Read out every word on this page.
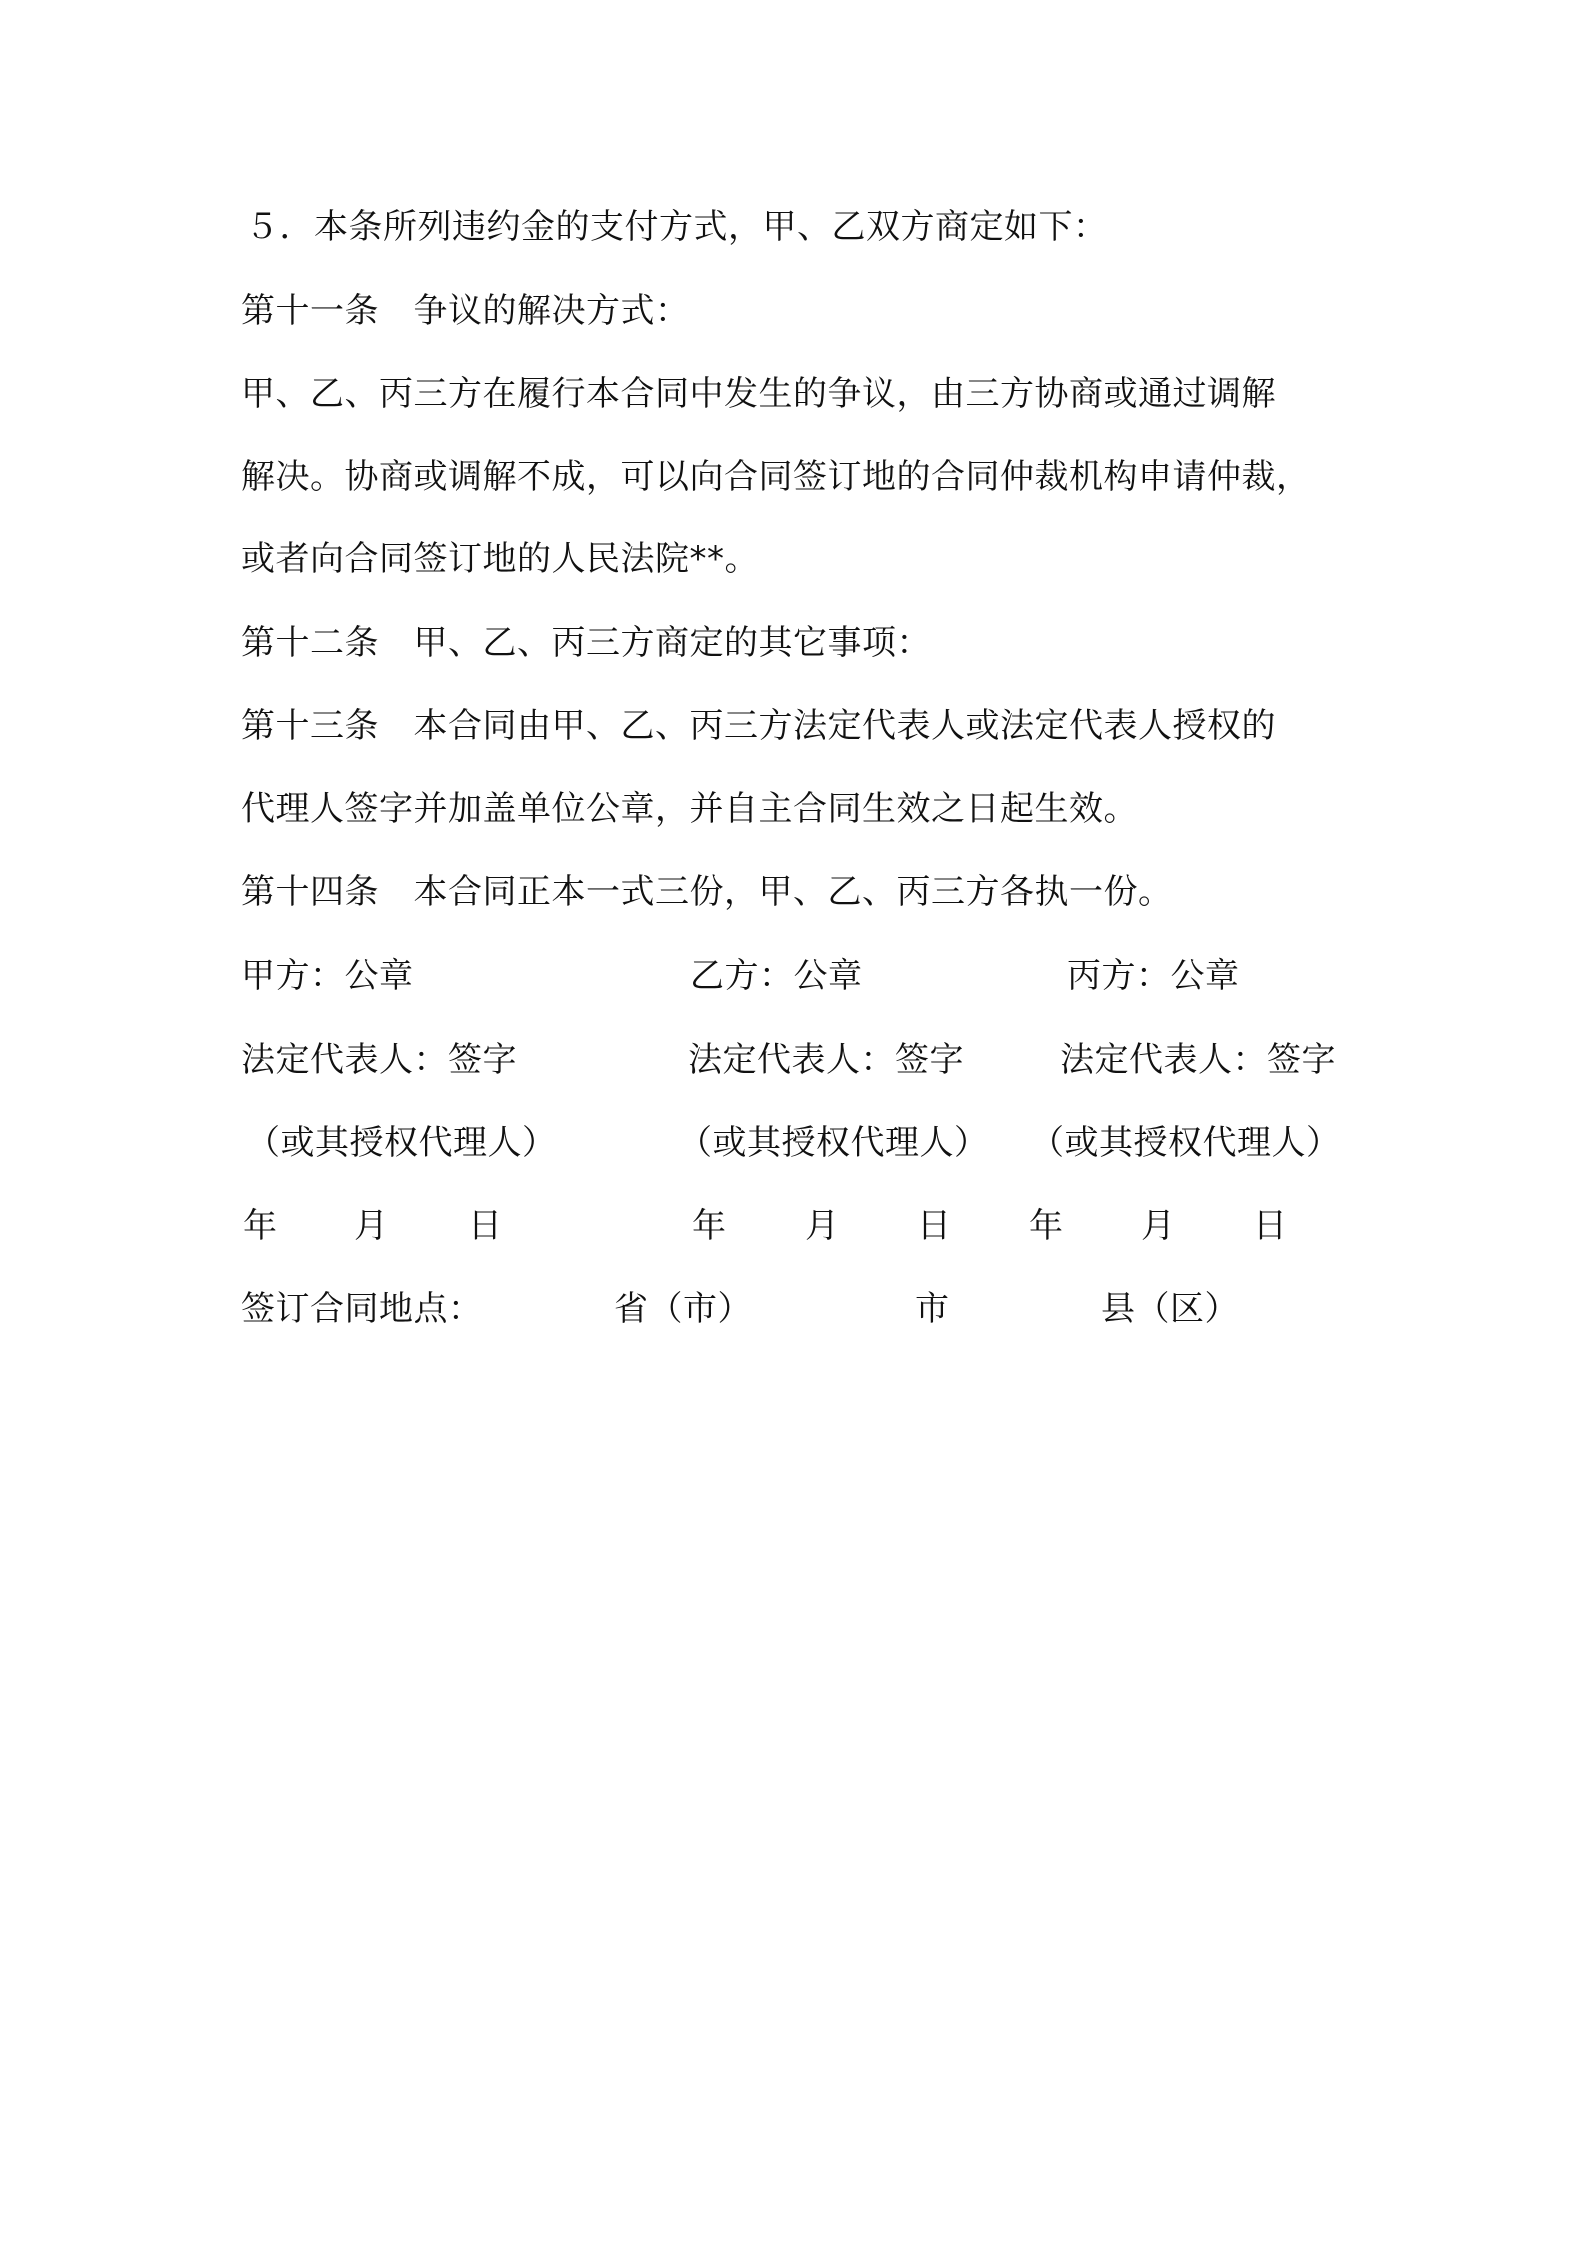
５．本条所列违约金的支付方式，甲、乙双方商定如下：
第十一条　争议的解决方式：
甲、乙、丙三方在履行本合同中发生的争议，由三方协商或通过调解
解决。协商或调解不成，可以向合同签订地的合同仲裁机构申请仲裁，
或者向合同签订地的人民法院**。
第十二条　甲、乙、丙三方商定的其它事项：
第十三条　本合同由甲、乙、丙三方法定代表人或法定代表人授权的
代理人签字并加盖单位公章，并自主合同生效之日起生效。
第十四条　本合同正本一式三份，甲、乙、丙三方各执一份。
甲方：公章	乙方：公章	丙方：公章
法定代表人：签字	法定代表人：签字	法定代表人：签字
（或其授权代理人）	（或其授权代理人） （或其授权代理人）
年 月 日	年 月 日 年 月 日
签订合同地点：	省（市）	市	县（区）
